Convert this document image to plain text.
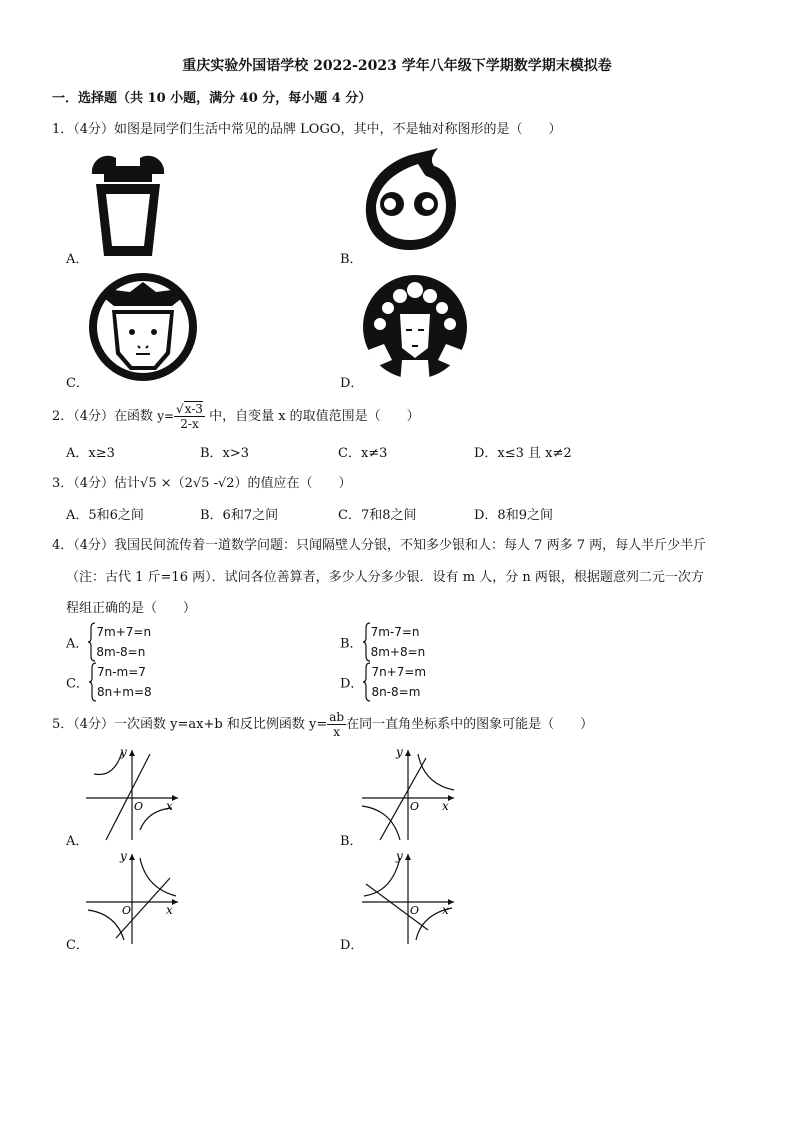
重庆实验外国语学校 2022-2023 学年八年级下学期数学期末模拟卷
一．选择题（共 10 小题，满分 40 分，每小题 4 分）
1．（4分）如图是同学们生活中常见的品牌 LOGO，其中，不是轴对称图形的是（　　）
A．	B．
C．	D．
2．（4分）在函数 $y= \frac{√x-3}{2-x}$ 中，自变量 x 的取值范围是（　　）
A．x≥3	B．x>3	C．x≠3	D．x≤3 且 x≠2
3．（4分）估计√5 ×（2√5 -√2）的值应在（　　）
A．5和6之间	B．6和7之间	C．7和8之间	D．8和9之间
4．（4分）我国民间流传着一道数学问题：只闻隔壁人分银，不知多少银和人：每人 7 两多 7 两，每人半斤少半斤
（注：古代 1 斤=16 两）．试问各位善算者，多少人分多少银．设有 m 人，分 n 两银，根据题意列二元一次方
程组正确的是（　　）
A．
7m+7=n
8m-8=n
B．
7m-7=n
8m+8=n
C．
7n-m=7
8n+m=8
D．
7n+7=m
8n-8=m
5．（4分）一次函数 y=ax+b 和反比例函数 $y= \frac{ab}{x}$ 在同一直角坐标系中的图象可能是（　　）
y
x
O
A．
y
x
O
B．
y
x
O
C．
y
x
O
D．
